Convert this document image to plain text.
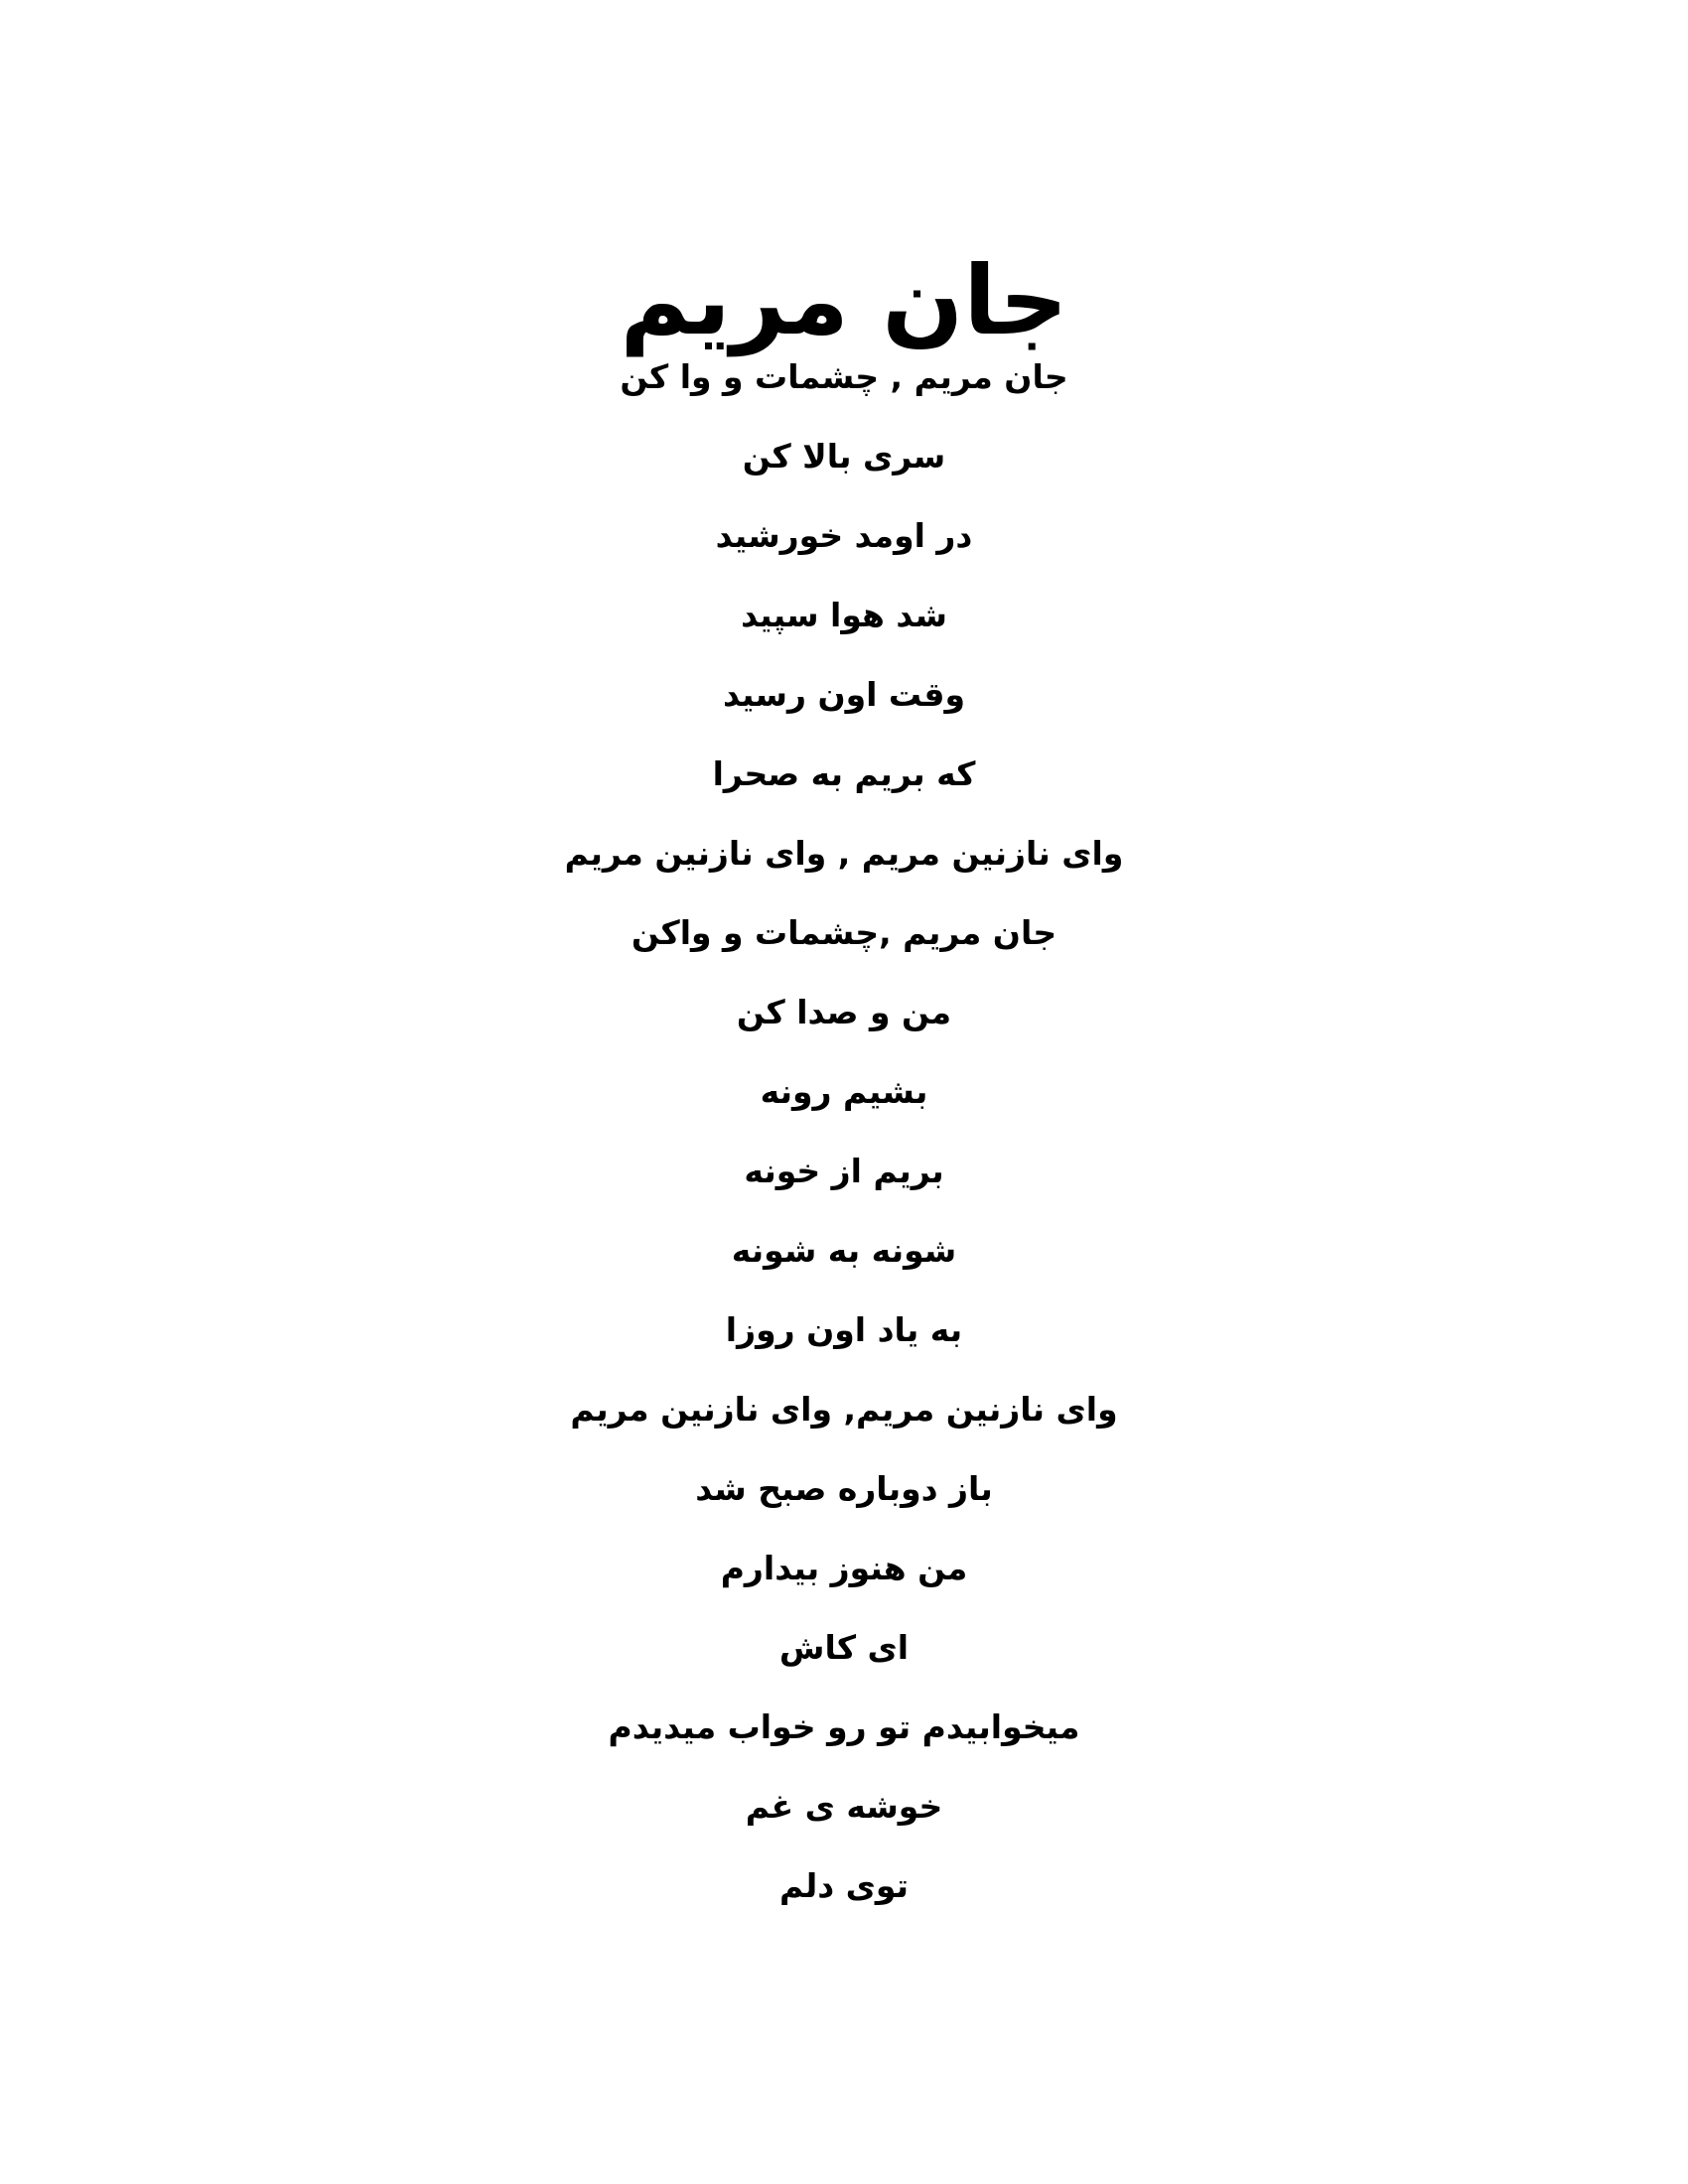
جان مریم

جان مریم , چشمات و وا کن

سری بالا کن

در اومد خورشید

شد هوا سپید

وقت اون رسید

که بریم به صحرا

وای نازنین مریم , وای نازنین مریم

جان مریم ,چشمات و واکن

من و صدا کن

بشیم رونه

بریم از خونه

شونه به شونه

به یاد اون روزا

وای نازنین مریم, وای نازنین مریم

باز دوباره صبح شد

من هنوز بیدارم

ای کاش

میخوابیدم تو رو خواب میدیدم

خوشه ی غم

توی دلم
